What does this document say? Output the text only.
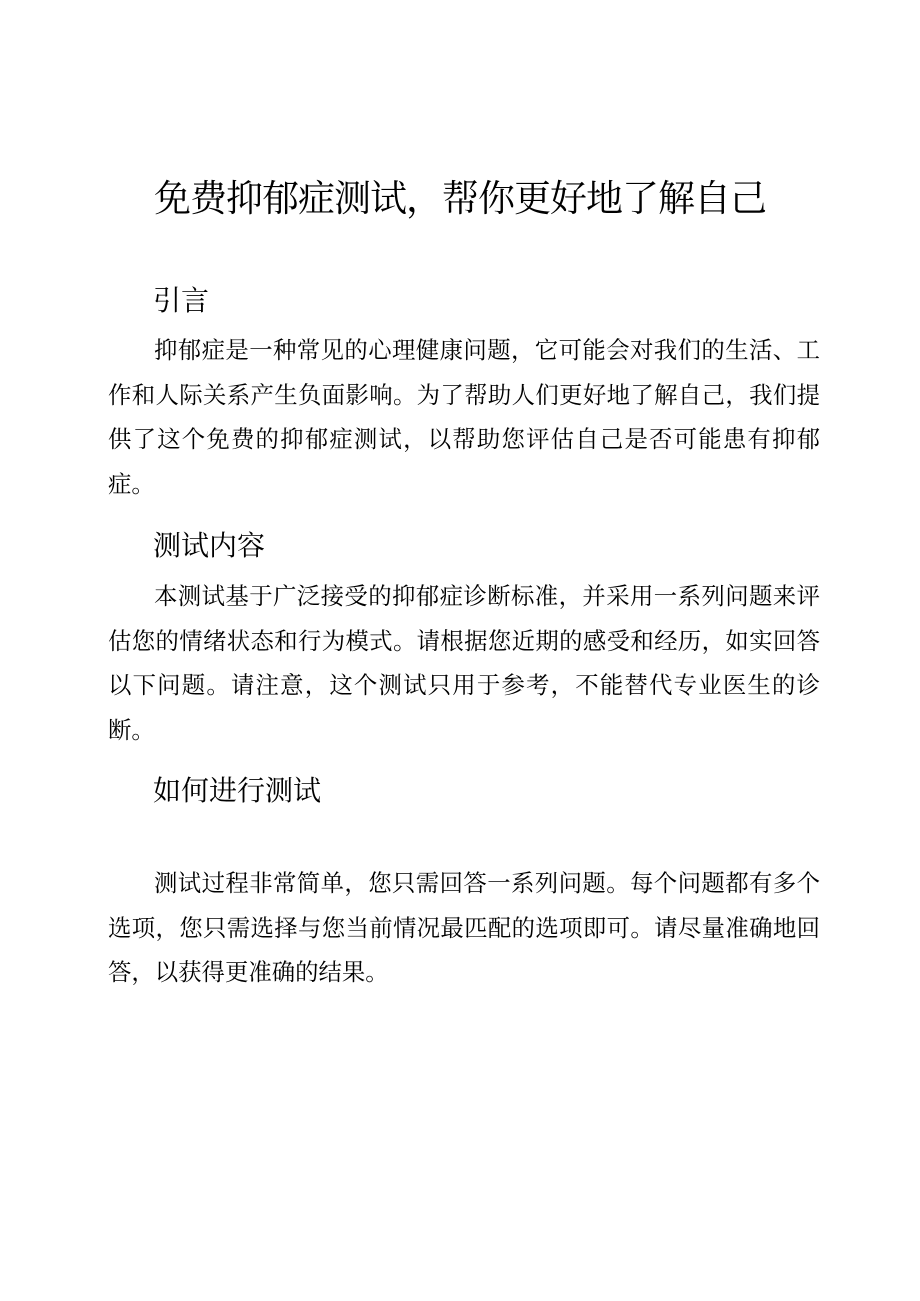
免费抑郁症测试，帮你更好地了解自己
引言

抑郁症是一种常见的心理健康问题，它可能会对我们的生活、工作和人际关系产生负面影响。为了帮助人们更好地了解自己，我们提供了这个免费的抑郁症测试，以帮助您评估自己是否可能患有抑郁症。

测试内容

本测试基于广泛接受的抑郁症诊断标准，并采用一系列问题来评估您的情绪状态和行为模式。请根据您近期的感受和经历，如实回答以下问题。请注意，这个测试只用于参考，不能替代专业医生的诊断。

如何进行测试

测试过程非常简单，您只需回答一系列问题。每个问题都有多个选项，您只需选择与您当前情况最匹配的选项即可。请尽量准确地回答，以获得更准确的结果。
